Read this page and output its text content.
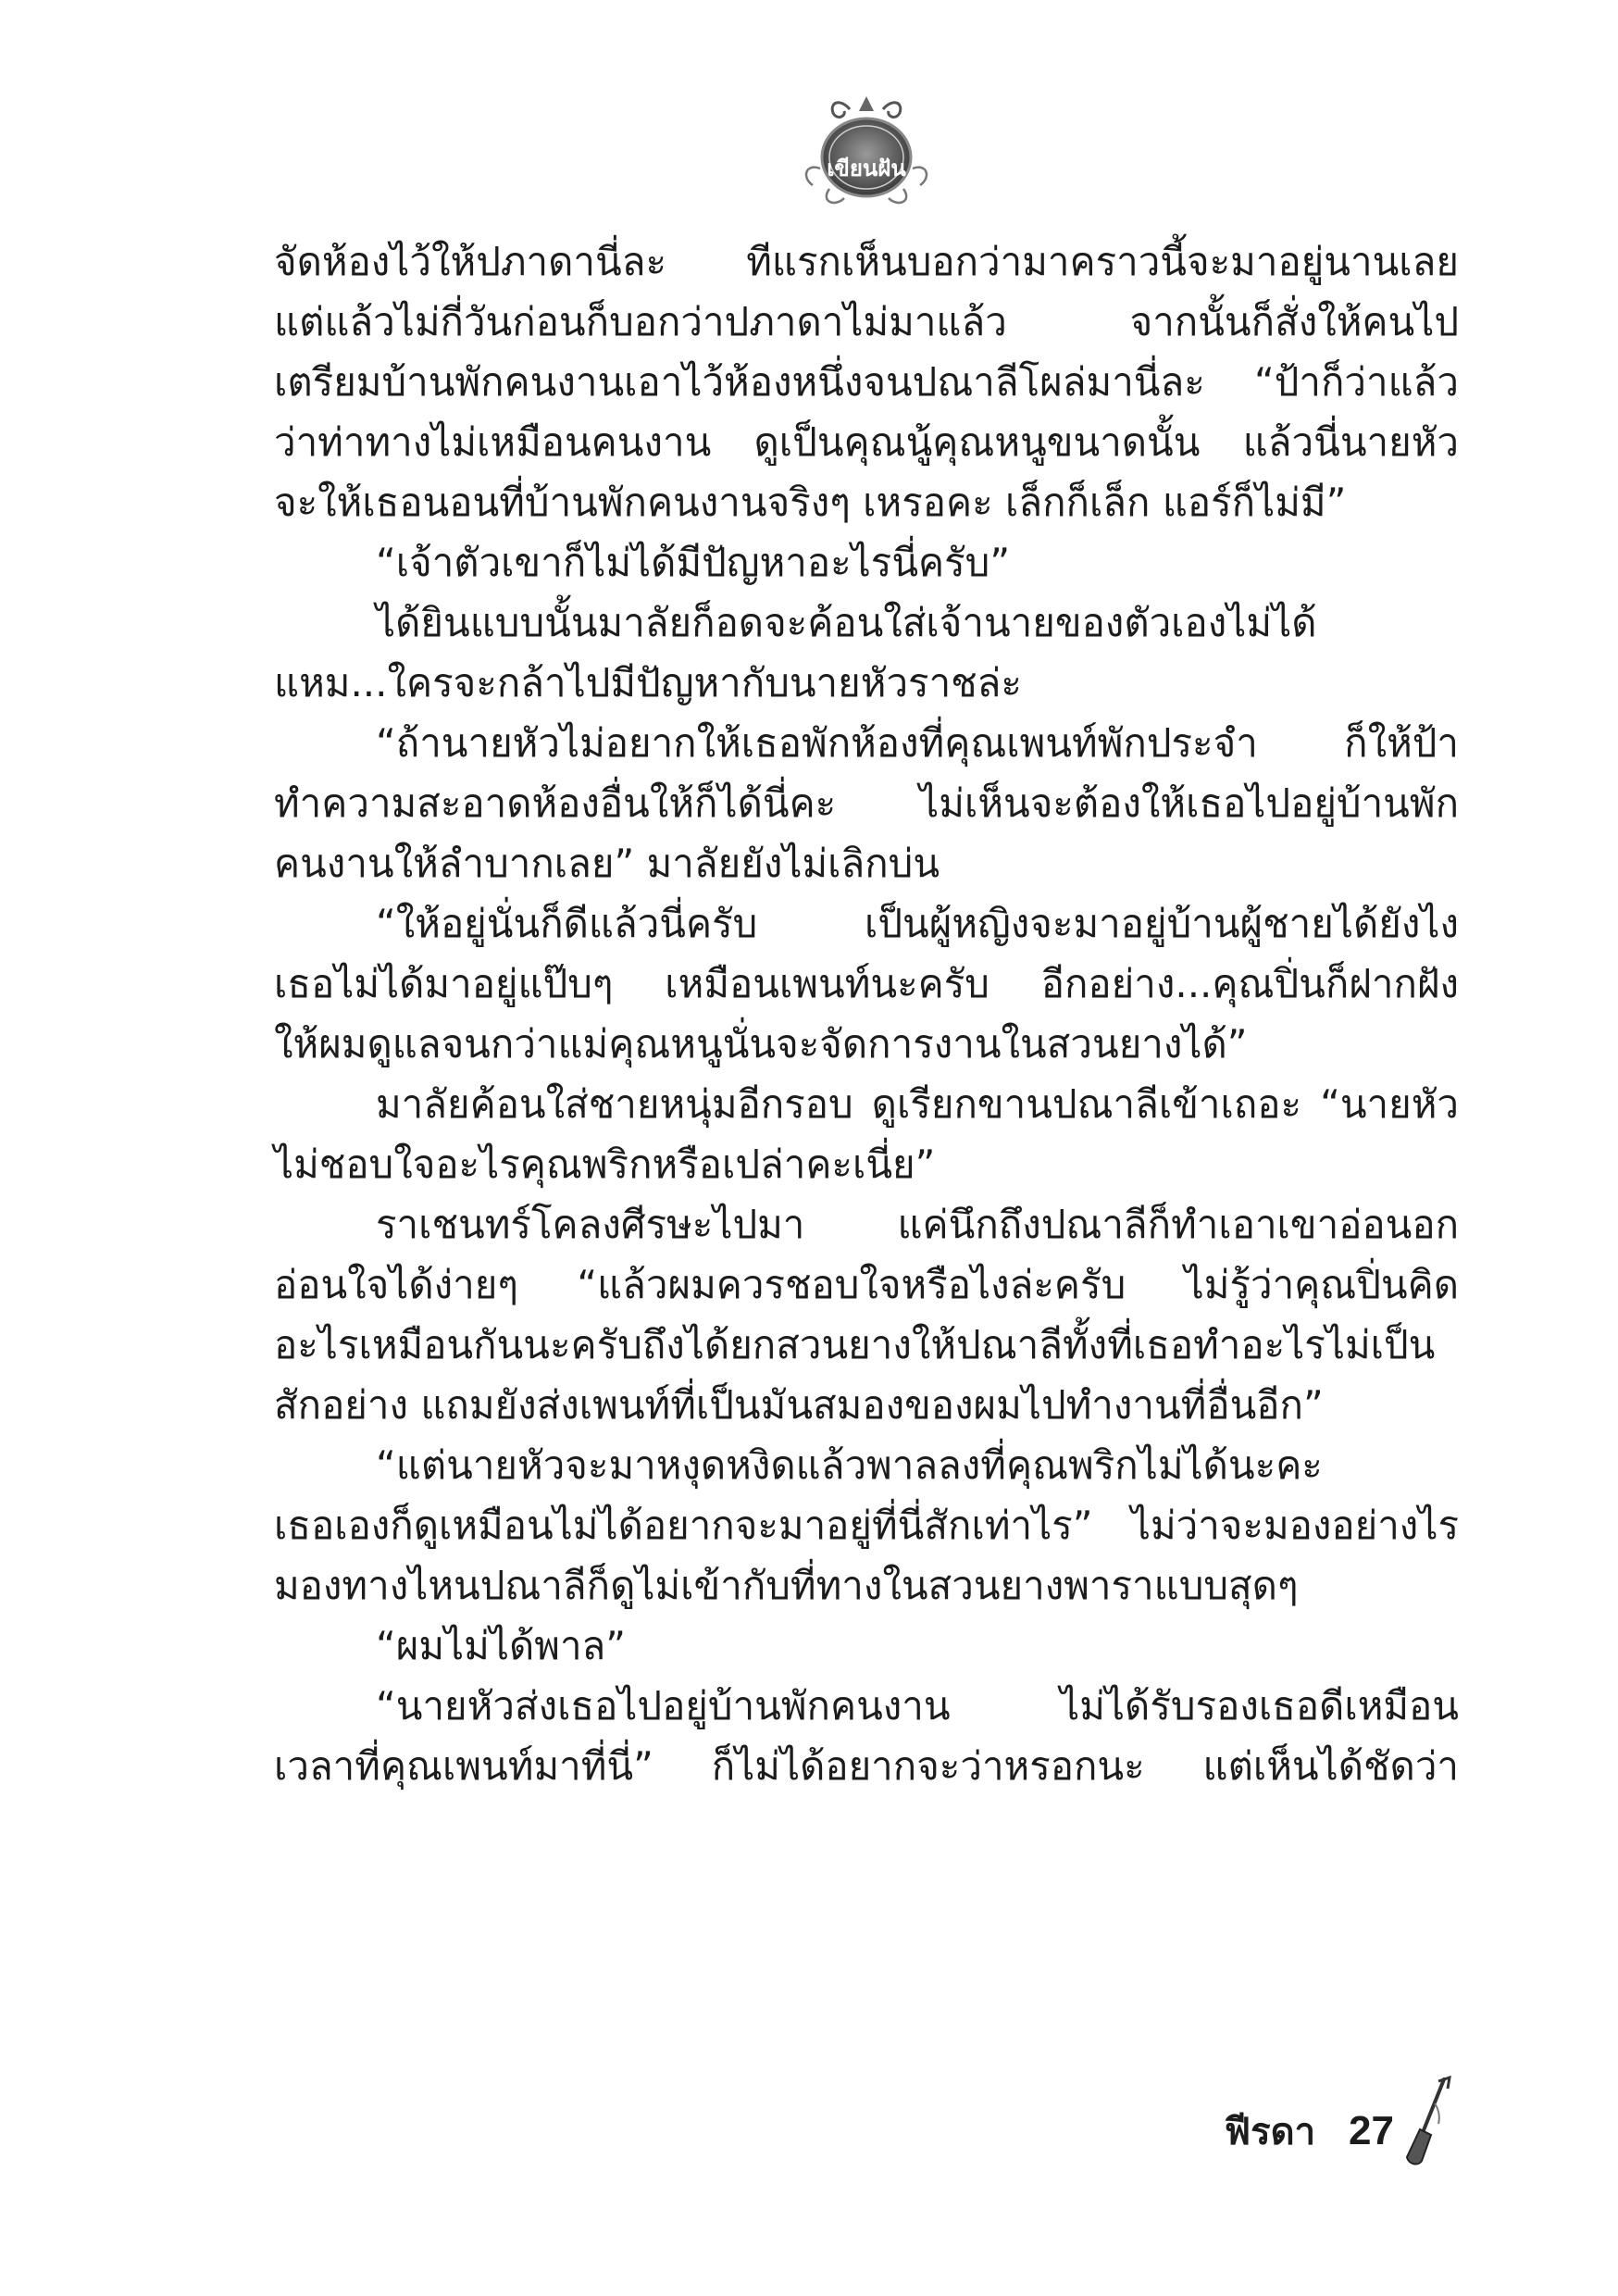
เขียนฝัน
จัดห้องไว้ให้ปภาดานี่ละ ทีแรกเห็นบอกว่ามาคราวนี้จะมาอยู่นานเลย
แต่แล้วไม่กี่วันก่อนก็บอกว่าปภาดาไม่มาแล้ว จากนั้นก็สั่งให้คนไป
เตรียมบ้านพักคนงานเอาไว้ห้องหนึ่งจนปณาลีโผล่มานี่ละ “ป้าก็ว่าแล้ว
ว่าท่าทางไม่เหมือนคนงาน ดูเป็นคุณนู้คุณหนูขนาดนั้น แล้วนี่นายหัว
จะให้เธอนอนที่บ้านพักคนงานจริงๆ เหรอคะ เล็กก็เล็ก แอร์ก็ไม่มี”
“เจ้าตัวเขาก็ไม่ได้มีปัญหาอะไรนี่ครับ”
ได้ยินแบบนั้นมาลัยก็อดจะค้อนใส่เจ้านายของตัวเองไม่ได้
แหม...ใครจะกล้าไปมีปัญหากับนายหัวราชล่ะ
“ถ้านายหัวไม่อยากให้เธอพักห้องที่คุณเพนท์พักประจำ ก็ให้ป้า
ทำความสะอาดห้องอื่นให้ก็ได้นี่คะ ไม่เห็นจะต้องให้เธอไปอยู่บ้านพัก
คนงานให้ลำบากเลย” มาลัยยังไม่เลิกบ่น
“ให้อยู่นั่นก็ดีแล้วนี่ครับ เป็นผู้หญิงจะมาอยู่บ้านผู้ชายได้ยังไง
เธอไม่ได้มาอยู่แป๊บๆ เหมือนเพนท์นะครับ อีกอย่าง...คุณปิ่นก็ฝากฝัง
ให้ผมดูแลจนกว่าแม่คุณหนูนั่นจะจัดการงานในสวนยางได้”
มาลัยค้อนใส่ชายหนุ่มอีกรอบ ดูเรียกขานปณาลีเข้าเถอะ “นายหัว
ไม่ชอบใจอะไรคุณพริกหรือเปล่าคะเนี่ย”
ราเชนทร์โคลงศีรษะไปมา แค่นึกถึงปณาลีก็ทำเอาเขาอ่อนอก
อ่อนใจได้ง่ายๆ “แล้วผมควรชอบใจหรือไงล่ะครับ ไม่รู้ว่าคุณปิ่นคิด
อะไรเหมือนกันนะครับถึงได้ยกสวนยางให้ปณาลีทั้งที่เธอทำอะไรไม่เป็น
สักอย่าง แถมยังส่งเพนท์ที่เป็นมันสมองของผมไปทำงานที่อื่นอีก”
“แต่นายหัวจะมาหงุดหงิดแล้วพาลลงที่คุณพริกไม่ได้นะคะ
เธอเองก็ดูเหมือนไม่ได้อยากจะมาอยู่ที่นี่สักเท่าไร” ไม่ว่าจะมองอย่างไร
มองทางไหนปณาลีก็ดูไม่เข้ากับที่ทางในสวนยางพาราแบบสุดๆ
“ผมไม่ได้พาล”
“นายหัวส่งเธอไปอยู่บ้านพักคนงาน ไม่ได้รับรองเธอดีเหมือน
เวลาที่คุณเพนท์มาที่นี่” ก็ไม่ได้อยากจะว่าหรอกนะ แต่เห็นได้ชัดว่า
ฟีรดา 27
